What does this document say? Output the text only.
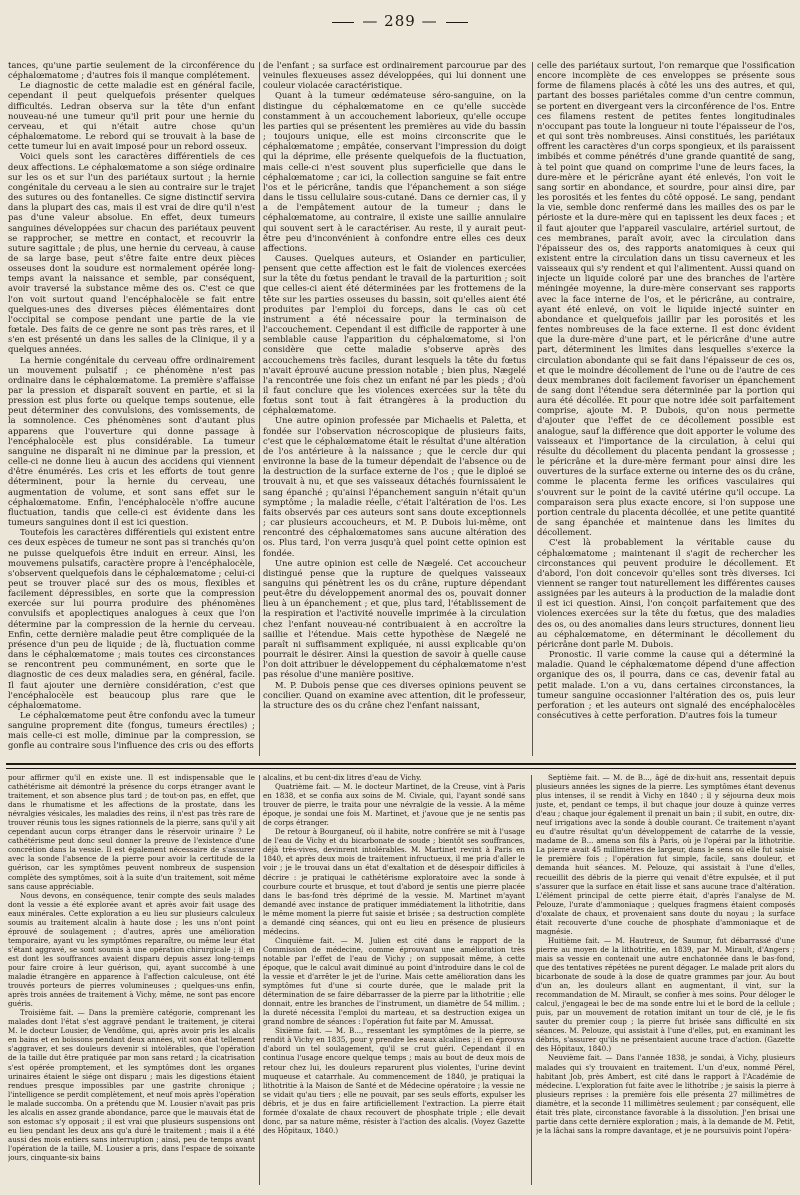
— 289 —

tances, qu'une partie seulement de la circonférence du céphalœmatome ; d'autres fois il manque complétement.

Le diagnostic de cette maladie est en général facile, cependant il peut quelquefois présenter quelques difficultés. Ledran observa sur la tête d'un enfant nouveau-né une tumeur qu'il prit pour une hernie du cerveau, et qui n'était autre chose qu'un céphalœmatome. Le rebord qui se trouvait à la base de cette tumeur lui en avait imposé pour un rebord osseux.

Voici quels sont les caractères différentiels de ces deux affections. Le céphalœmatome a son siége ordinaire sur les os et sur l'un des pariétaux surtout ; la hernie congénitale du cerveau a le sien au contraire sur le trajet des sutures ou des fontanelles. Ce signe distinctif servira dans la plupart des cas, mais il est vrai de dire qu'il n'est pas d'une valeur absolue. En effet, deux tumeurs sanguines développées sur chacun des pariétaux peuvent se rapprocher, se mettre en contact, et recouvrir la suture sagittale ; de plus, une hernie du cerveau, à cause de sa large base, peut s'être faite entre deux pièces osseuses dont la soudure est normalement opérée long-temps avant la naissance et semble, par conséquent, avoir traversé la substance même des os. C'est ce que l'on voit surtout quand l'encéphalocèle se fait entre quelques-unes des diverses pièces élémentaires dont l'occipital se compose pendant une partie de la vie fœtale. Des faits de ce genre ne sont pas très rares, et il s'en est présenté un dans les salles de la Clinique, il y a quelques années.

La hernie congénitale du cerveau offre ordinairement un mouvement pulsatif ; ce phénomène n'est pas ordinaire dans le céphalœmatome. La première s'affaisse par la pression et disparaît souvent en partie, et si la pression est plus forte ou quelque temps soutenue, elle peut déterminer des convulsions, des vomissements, de la somnolence. Ces phénomènes sont d'autant plus apparens que l'ouverture qui donne passage à l'encéphalocèle est plus considérable. La tumeur sanguine ne disparaît ni ne diminue par la pression, et celle-ci ne donne lieu à aucun des accidens qui viennent d'être énumérés. Les cris et les efforts de tout genre déterminent, pour la hernie du cerveau, une augmentation de volume, et sont sans effet sur le céphalœmatome. Enfin, l'encéphalocèle n'offre aucune fluctuation, tandis que celle-ci est évidente dans les tumeurs sanguines dont il est ici question.

Toutefois les caractères différentiels qui existent entre ces deux espèces de tumeur ne sont pas si tranchés qu'on ne puisse quelquefois être induit en erreur. Ainsi, les mouvemens pulsatifs, caractère propre à l'encéphalocèle, s'observent quelquefois dans le céphalœmatome ; celui-ci peut se trouver placé sur des os mous, flexibles et facilement dépressibles, en sorte que la compression exercée sur lui pourra produire des phénomènes convulsifs et apoplectiques analogues à ceux que l'on détermine par la compression de la hernie du cerveau. Enfin, cette dernière maladie peut être compliquée de la présence d'un peu de liquide ; de là, fluctuation comme dans le céphalœmatome ; mais toutes ces circonstances se rencontrent peu communément, en sorte que le diagnostic de ces deux maladies sera, en général, facile. Il faut ajouter une dernière considération, c'est que l'encéphalocèle est beaucoup plus rare que le céphalœmatome.

Le céphalœmatome peut être confondu avec la tumeur sanguine proprement dite (fongus, tumeurs érectiles) ; mais celle-ci est molle, diminue par la compression, se gonfle au contraire sous l'influence des cris ou des efforts

de l'enfant ; sa surface est ordinairement parcourue par des veinules flexueuses assez développées, qui lui donnent une couleur violacée caractéristique.

Quant à la tumeur œdémateuse séro-sanguine, on la distingue du céphalœmatome en ce qu'elle succède constamment à un accouchement laborieux, qu'elle occupe les parties qui se présentent les premières au vide du bassin ; toujours unique, elle est moins circonscrite que le céphalœmatome ; empâtée, conservant l'impression du doigt qui la déprime, elle présente quelquefois de la fluctuation, mais celle-ci n'est souvent plus superficielle que dans le céphalœmatome ; car ici, la collection sanguine se fait entre l'os et le péricrâne, tandis que l'épanchement a son siége dans le tissu cellulaire sous-cutané. Dans ce dernier cas, il y a de l'empâtement autour de la tumeur ; dans le céphalœmatome, au contraire, il existe une saillie annulaire qui souvent sert à le caractériser. Au reste, il y aurait peut-être peu d'inconvénient à confondre entre elles ces deux affections.

Causes. Quelques auteurs, et Osiander en particulier, pensent que cette affection est le fait de violences exercées sur la tête du fœtus pendant le travail de la parturition ; soit que celles-ci aient été déterminées par les frottemens de la tête sur les parties osseuses du bassin, soit qu'elles aient été produites par l'emploi du forceps, dans le cas où cet instrument a été nécessaire pour la terminaison de l'accouchement. Cependant il est difficile de rapporter à une semblable cause l'apparition du céphalœmatome, si l'on considère que cette maladie s'observe après des accouchemens très faciles, durant lesquels la tête du fœtus n'avait éprouvé aucune pression notable ; bien plus, Nægelé l'a rencontrée une fois chez un enfant né par les pieds ; d'où il faut conclure que les violences exercées sur la tête du fœtus sont tout à fait étrangères à la production du céphalœmatome.

Une autre opinion professée par Michaelis et Paletta, et fondée sur l'observation nécroscopique de plusieurs faits, c'est que le céphalœmatome était le résultat d'une altération de l'os antérieure à la naissance ; que le cercle dur qui environne la base de la tumeur dépendait de l'absence ou de la destruction de la surface externe de l'os ; que le diploé se trouvait à nu, et que ses vaisseaux détachés fournissaient le sang épanché ; qu'ainsi l'épanchement sanguin n'était qu'un symptôme ; la maladie réelle, c'était l'altération de l'os. Les faits observés par ces auteurs sont sans doute exceptionnels ; car plusieurs accoucheurs, et M. P. Dubois lui-même, ont rencontré des céphalœmatomes sans aucune altération des os. Plus tard, l'on verra jusqu'à quel point cette opinion est fondée.

Une autre opinion est celle de Nægelé. Cet accoucheur distingué pense que la rupture de quelques vaisseaux sanguins qui pénètrent les os du crâne, rupture dépendant peut-être du développement anormal des os, pouvait donner lieu à un épanchement ; et que, plus tard, l'établissement de la respiration et l'activité nouvelle imprimée à la circulation chez l'enfant nouveau-né contribuaient à en accroître la saillie et l'étendue. Mais cette hypothèse de Nægelé ne paraît ni suffisamment expliquée, ni aussi explicable qu'on pourrait le désirer. Ainsi la question de savoir à quelle cause l'on doit attribuer le développement du céphalœmatome n'est pas résolue d'une manière positive.

M. P. Dubois pense que ces diverses opinions peuvent se concilier. Quand on examine avec attention, dit le professeur, la structure des os du crâne chez l'enfant naissant,

celle des pariétaux surtout, l'on remarque que l'ossification encore incomplète de ces enveloppes se présente sous forme de filamens placés à côté les uns des autres, et qui, partant des bosses pariétales comme d'un centre commun, se portent en divergeant vers la circonférence de l'os. Entre ces filamens restent de petites fentes longitudinales n'occupant pas toute la longueur ni toute l'épaisseur de l'os, et qui sont très nombreuses. Ainsi constitués, les pariétaux offrent les caractères d'un corps spongieux, et ils paraissent imbibés et comme pénétrés d'une grande quantité de sang, à tel point que quand on comprime l'une de leurs faces, la dure-mère et le péricrâne ayant été enlevés, l'on voit le sang sortir en abondance, et sourdre, pour ainsi dire, par les porosités et les fentes du côté opposé. Le sang, pendant la vie, semble donc renfermé dans les mailles des os par le périoste et la dure-mère qui en tapissent les deux faces ; et il faut ajouter que l'appareil vasculaire, artériel surtout, de ces membranes, paraît avoir, avec la circulation dans l'épaisseur des os, des rapports anatomiques à ceux qui existent entre la circulation dans un tissu caverneux et les vaisseaux qui s'y rendent et qui l'alimentent. Aussi quand on injecte un liquide coloré par une des branches de l'artère méningée moyenne, la dure-mère conservant ses rapports avec la face interne de l'os, et le péricrâne, au contraire, ayant été enlevé, on voit le liquide injecté suinter en abondance et quelquefois jaillir par les porosités et les fentes nombreuses de la face externe. Il est donc évident que la dure-mère d'une part, et le péricrâne d'une autre part, déterminent les limites dans lesquelles s'exerce la circulation abondante qui se fait dans l'épaisseur de ces os, et que le moindre décollement de l'une ou de l'autre de ces deux membranes doit facilement favoriser un épanchement de sang dont l'étendue sera déterminée par la portion qui aura été décollée. Et pour que notre idée soit parfaitement comprise, ajoute M. P. Dubois, qu'on nous permette d'ajouter que l'effet de ce décollement possible est analogue, sauf la différence que doit apporter le volume des vaisseaux et l'importance de la circulation, à celui qui résulte du décollement du placenta pendant la grossesse ; le péricrâne et la dure-mère fermant pour ainsi dire les ouvertures de la surface externe ou interne des os du crâne, comme le placenta ferme les orifices vasculaires qui s'ouvrent sur le point de la cavité utérine qu'il occupe. La comparaison sera plus exacte encore, si l'on suppose une portion centrale du placenta décollée, et une petite quantité de sang épanchée et maintenue dans les limites du décollement.

C'est là probablement la véritable cause du céphalœmatome ; maintenant il s'agit de rechercher les circonstances qui peuvent produire le décollement. Et d'abord, l'on doit concevoir qu'elles sont très diverses. Ici viennent se ranger tout naturellement les différentes causes assignées par les auteurs à la production de la maladie dont il est ici question. Ainsi, l'on conçoit parfaitement que des violences exercées sur la tête du fœtus, que des maladies des os, ou des anomalies dans leurs structures, donnent lieu au céphalœmatome, en déterminant le décollement du péricrâne dont parle M. Dubois.

Pronostic. Il varie comme la cause qui a déterminé la maladie. Quand le céphalœmatome dépend d'une affection organique des os, il pourra, dans ce cas, devenir fatal au petit malade. L'on a vu, dans certaines circonstances, la tumeur sanguine occasionner l'altération des os, puis leur perforation ; et les auteurs ont signalé des encéphalocèles consécutives à cette perforation. D'autres fois la tumeur

pour affirmer qu'il en existe une. Il est indispensable que le cathétérisme ait démontré la présence du corps étranger avant le traitement, et son absence plus tard ; de tout-on pas, en effet, que dans le rhumatisme et les affections de la prostate, dans les névralgies vésicales, les maladies des reins, il n'est pas très rare de trouver réunis tous les signes rationnels de la pierre, sans qu'il y ait cependant aucun corps étranger dans le réservoir urinaire ? Le cathétérisme peut donc seul donner la preuve de l'existence d'une concrétion dans la vessie. Il est également nécessaire de s'assurer avec la sonde l'absence de la pierre pour avoir la certitude de la guérison, car les symptômes peuvent nombreux de suspension complète des symptômes, soit à la suite d'un traitement, soit même sans cause appréciable.

Nous devons, en conséquence, tenir compte des seuls malades dont la vessie a été explorée avant et après avoir fait usage des eaux minérales. Cette exploration a eu lieu sur plusieurs calculeux soumis au traitement alcalin à haute dose ; les uns n'ont point éprouvé de soulagement ; d'autres, après une amélioration temporaire, ayant vu les symptômes reparaître, ou même leur état s'étant aggravé, se sont soumis à une opération chirurgicale ; il en est dont les souffrances avaient disparu depuis assez long-temps pour faire croire à leur guérison, qui, ayant succombé à une maladie étrangère en apparence à l'affection calculeuse, ont été trouvés porteurs de pierres volumineuses ; quelques-uns enfin, après trois années de traitement à Vichy, même, ne sont pas encore guéris.

Troisième fait. — Dans la première catégorie, comprenant les malades dont l'état s'est aggravé pendant le traitement, je citerai M. le docteur Lousier, de Vendôme, qui, après avoir pris les alcalis en bains et en boissons pendant deux années, vit son état tellement s'aggraver, et ses douleurs devenir si intolérables, que l'opération de la taille dut être pratiquée par mon sans retard ; la cicatrisation s'est opérée promptement, et les symptômes dont les organes urinaires étaient le siége ont disparu ; mais les digestions étaient rendues presque impossibles par une gastrite chronique ; l'intelligence se perdit complètement, et neuf mois après l'opération le malade succomba. On a prétendu que M. Lousier n'avait pas pris les alcalis en assez grande abondance, parce que le mauvais état de son estomac s'y opposait ; il est vrai que plusieurs suspensions ont eu lieu pendant les deux ans qu'a duré le traitement ; mais il a été aussi des mois entiers sans interruption ; ainsi, peu de temps avant l'opération de la taille, M. Lousier a pris, dans l'espace de soixante jours, cinquante-six bains

alcalins, et bu cent-dix litres d'eau de Vichy.

Quatrième fait. — M. le docteur Martinet, de la Creuse, vint à Paris en 1838, et se confia aux soins de M. Civiale, qui, l'ayant sondé sans trouver de pierre, le traita pour une névralgie de la vessie. A la même époque, je sondai une fois M. Martinet, et j'avoue que je ne sentis pas de corps étranger.

De retour à Bourganeuf, où il habite, notre confrère se mit à l'usage de l'eau de Vichy et du bicarbonate de soude ; bientôt ses souffrances, déjà très-vives, devinrent intolérables. M. Martinet revint à Paris en 1840, et après deux mois de traitement infructueux, il me pria d'aller le voir ; je le trouvai dans un état d'exaltation et de désespoir difficiles à décrire : je pratiquai le cathétérisme exploratoire avec la sonde à courbure courte et brusque, et tout d'abord je sentis une pierre placée dans le bas-fond très déprimé de la vessie. M. Martinet m'ayant demandé avec instance de pratiquer immédiatement la lithotritie, dans le même moment la pierre fut saisie et brisée ; sa destruction complète a demandé cinq séances, qui ont eu lieu en présence de plusieurs médecins.

Cinquième fait. — M. Julien est cité dans le rapport de la Commission de médecine, comme éprouvant une amélioration très notable par l'effet de l'eau de Vichy ; on supposait même, à cette époque, que le calcul avait diminué au point d'introduire dans le col de la vessie et d'arrêter le jet de l'urine. Mais cette amélioration dans les symptômes fut d'une si courte durée, que le malade prit la détermination de se faire débarrasser de la pierre par la lithotritie ; elle donnait, entre les branches de l'instrument, un diamètre de 54 millim. ; la dureté nécessita l'emploi du marteau, et sa destruction exigea un grand nombre de séances : l'opération fut faite par M. Amussat.

Sixième fait. — M. B..., ressentant les symptômes de la pierre, se rendit à Vichy en 1835, pour y prendre les eaux alcalines ; il en éprouva d'abord un tel soulagement, qu'il se crut guéri. Cependant il en continua l'usage encore quelque temps ; mais au bout de deux mois de retour chez lui, les douleurs reparurent plus violentes, l'urine devint muqueuse et catarrhale. Au commencement de 1840, je pratiquai la lithotritie à la Maison de Santé et de Médecine opératoire ; la vessie ne se vidait qu'au tiers ; elle ne pouvait, par ses seuls efforts, expulser les débris, et je dus en faire artificiellement l'extraction. La pierre était formée d'oxalate de chaux recouvert de phosphate triple ; elle devait donc, par sa nature même, résister à l'action des alcalis. (Voyez Gazette des Hôpitaux, 1840.)

Septième fait. — M. de B..., âgé de dix-huit ans, ressentait depuis plusieurs années les signes de la pierre. Les symptômes étant devenus plus intenses, il se rendit à Vichy en 1840 ; il y séjourna deux mois juste, et, pendant ce temps, il but chaque jour douze à quinze verres d'eau ; chaque jour également il prenait un bain ; il subit, en outre, dix-neuf irrigations avec la sonde à double courant. Ce traitement n'ayant eu d'autre résultat qu'un développement de catarrhe de la vessie, madame de B... amena son fils à Paris, où je l'opérai par la lithotritie. La pierre avait 45 millimètres de largeur, dans le sens où elle fut saisie le première fois ; l'opération fut simple, facile, sans douleur, et demanda huit séances. M. Pelouze, qui assistait à l'une d'elles, recueillit des débris de la pierre qui venait d'être expulsée, et il put s'assurer que la surface en était lisse et sans aucune trace d'altération. L'élément principal de cette pierre était, d'après l'analyse de M. Pelouze, l'urate d'ammoniaque ; quelques fragmens étaient composés d'oxalate de chaux, et provenaient sans doute du noyau ; la surface était recouverte d'une couche de phosphate d'ammoniaque et de magnésie.

Huitième fait. — M. Hautreux, de Saumur, fut débarrassé d'une pierre au moyen de la lithotritie, en 1839, par M. Mirault, d'Angers ; mais sa vessie en contenait une autre enchatonnée dans le bas-fond, que des tentatives répétées ne purent dégager. Le malade prit alors du bicarbonate de soude à la dose de quatre grammes par jour. Au bout d'un an, les douleurs allant en augmentant, il vint, sur la recommandation de M. Mirault, se confier à mes soins. Pour déloger le calcul, j'engageai le bec de ma sonde entre lui et le bord de la cellule ; puis, par un mouvement de rotation imitant un tour de clé, je le fis sauter du premier coup ; la pierre fut brisée sans difficulté en six séances. M. Pelouze, qui assistait à l'une d'elles, put, en examinant les débris, s'assurer qu'ils ne présentaient aucune trace d'action. (Gazette des Hôpitaux, 1840.)

Neuvième fait. — Dans l'année 1838, je sondai, à Vichy, plusieurs malades qui s'y trouvaient en traitement. L'un d'eux, nommé Pérel, habitant Job, près Ambert, est cité dans le rapport à l'Académie de médecine. L'exploration fut faite avec le lithotribe ; je saisis la pierre à plusieurs reprises : la première fois elle présenta 27 millimètres de diamètre, et la seconde 11 millimètres seulement ; par conséquent, elle était très plate, circonstance favorable à la dissolution. J'en brisai une partie dans cette dernière exploration ; mais, à la demande de M. Petit, je la lâchai sans la rompre davantage, et je ne poursuivis point l'opéra-
